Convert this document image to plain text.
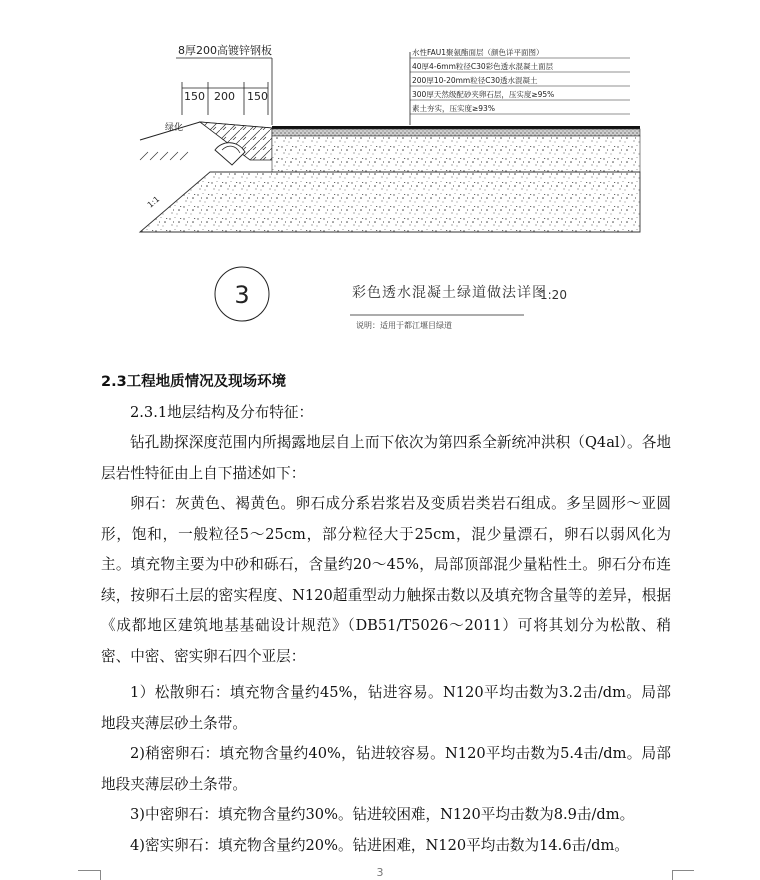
8厚200高镀锌钢板
150 200 150
绿化
1:1
水性FAU1聚氨酯面层（颜色详平面图）
40厚4-6mm粒径C30彩色透水混凝土面层
200厚10-20mm粒径C30透水混凝土
300厚天然级配砂夹卵石层，压实度≥95%
素土夯实，压实度≥93%
3	彩色透水混凝土绿道做法详图
1:20
说明：适用于都江堰目绿道
2.3工程地质情况及现场环境

2.3.1地层结构及分布特征：

钻孔勘探深度范围内所揭露地层自上而下依次为第四系全新统冲洪积（Q4al）。各地层岩性特征由上自下描述如下：

卵石：灰黄色、褐黄色。卵石成分系岩浆岩及变质岩类岩石组成。多呈圆形～亚圆形，饱和，一般粒径5～25cm，部分粒径大于25cm，混少量漂石，卵石以弱风化为主。填充物主要为中砂和砾石，含量约20～45%，局部顶部混少量粘性土。卵石分布连续，按卵石土层的密实程度、N120超重型动力触探击数以及填充物含量等的差异，根据《成都地区建筑地基基础设计规范》（DB51/T5026～2011）可将其划分为松散、稍密、中密、密实卵石四个亚层：

1）松散卵石：填充物含量约45%，钻进容易。N120平均击数为3.2击/dm。局部地段夹薄层砂土条带。

2)稍密卵石：填充物含量约40%，钻进较容易。N120平均击数为5.4击/dm。局部地段夹薄层砂土条带。

3)中密卵石：填充物含量约30%。钻进较困难，N120平均击数为8.9击/dm。

4)密实卵石：填充物含量约20%。钻进困难，N120平均击数为14.6击/dm。

3
